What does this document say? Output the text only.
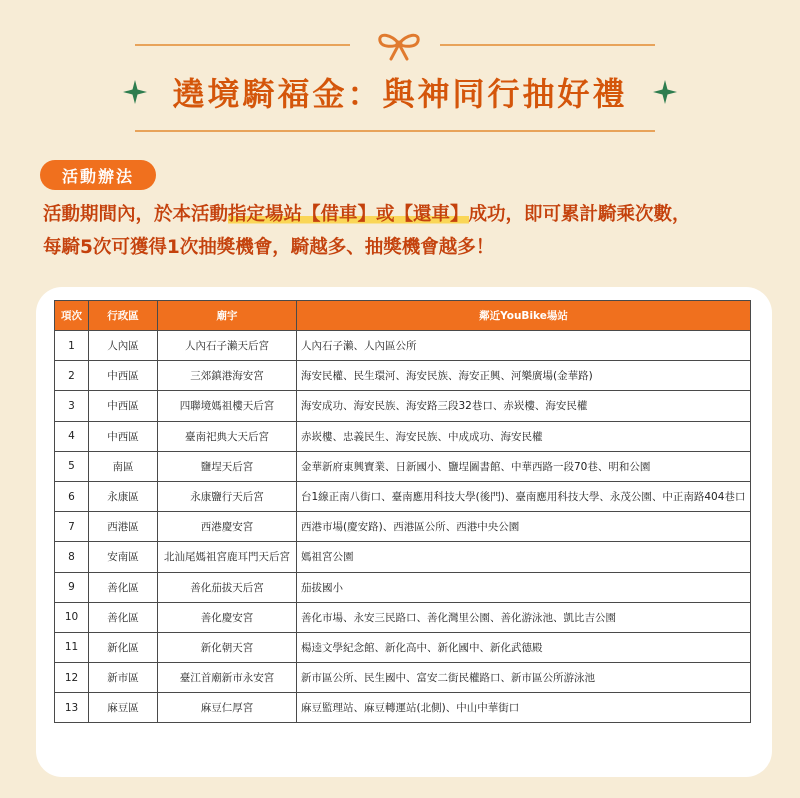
遶境騎福金：與神同行抽好禮
活動辦法
活動期間內，於本活動指定場站【借車】或【還車】成功，即可累計騎乘次數，
每騎5次可獲得1次抽獎機會，騎越多、抽獎機會越多！
項次	行政區	廟宇	鄰近YouBike場站
1	人內區	人內石子瀨天后宮	人內石子瀨、人內區公所
2	中西區	三郊鎮港海安宮	海安民權、民生環河、海安民族、海安正興、河樂廣場(金華路)
3	中西區	四聯境媽祖樓天后宮	海安成功、海安民族、海安路三段32巷口、赤崁樓、海安民權
4	中西區	臺南祀典大天后宮	赤崁樓、忠義民生、海安民族、中成成功、海安民權
5	南區	鹽埕天后宮	金華新府東興寶業、日新國小、鹽埕圖書館、中華西路一段70巷、明和公園
6	永康區	永康鹽行天后宮	台1線正南八街口、臺南應用科技大學(後門)、臺南應用科技大學、永茂公園、中正南路404巷口
7	西港區	西港慶安宮	西港市場(慶安路)、西港區公所、西港中央公園
8	安南區	北汕尾媽祖宮鹿耳門天后宮	媽祖宮公園
9	善化區	善化茄拔天后宮	茄拔國小
10	善化區	善化慶安宮	善化市場、永安三民路口、善化灣里公園、善化游泳池、凱比吉公園
11	新化區	新化朝天宮	楊逵文學紀念館、新化高中、新化國中、新化武德殿
12	新市區	臺江首廟新市永安宮	新市區公所、民生國中、富安二街民權路口、新市區公所游泳池
13	麻豆區	麻豆仁厚宮	麻豆監理站、麻豆轉運站(北側)、中山中華街口
